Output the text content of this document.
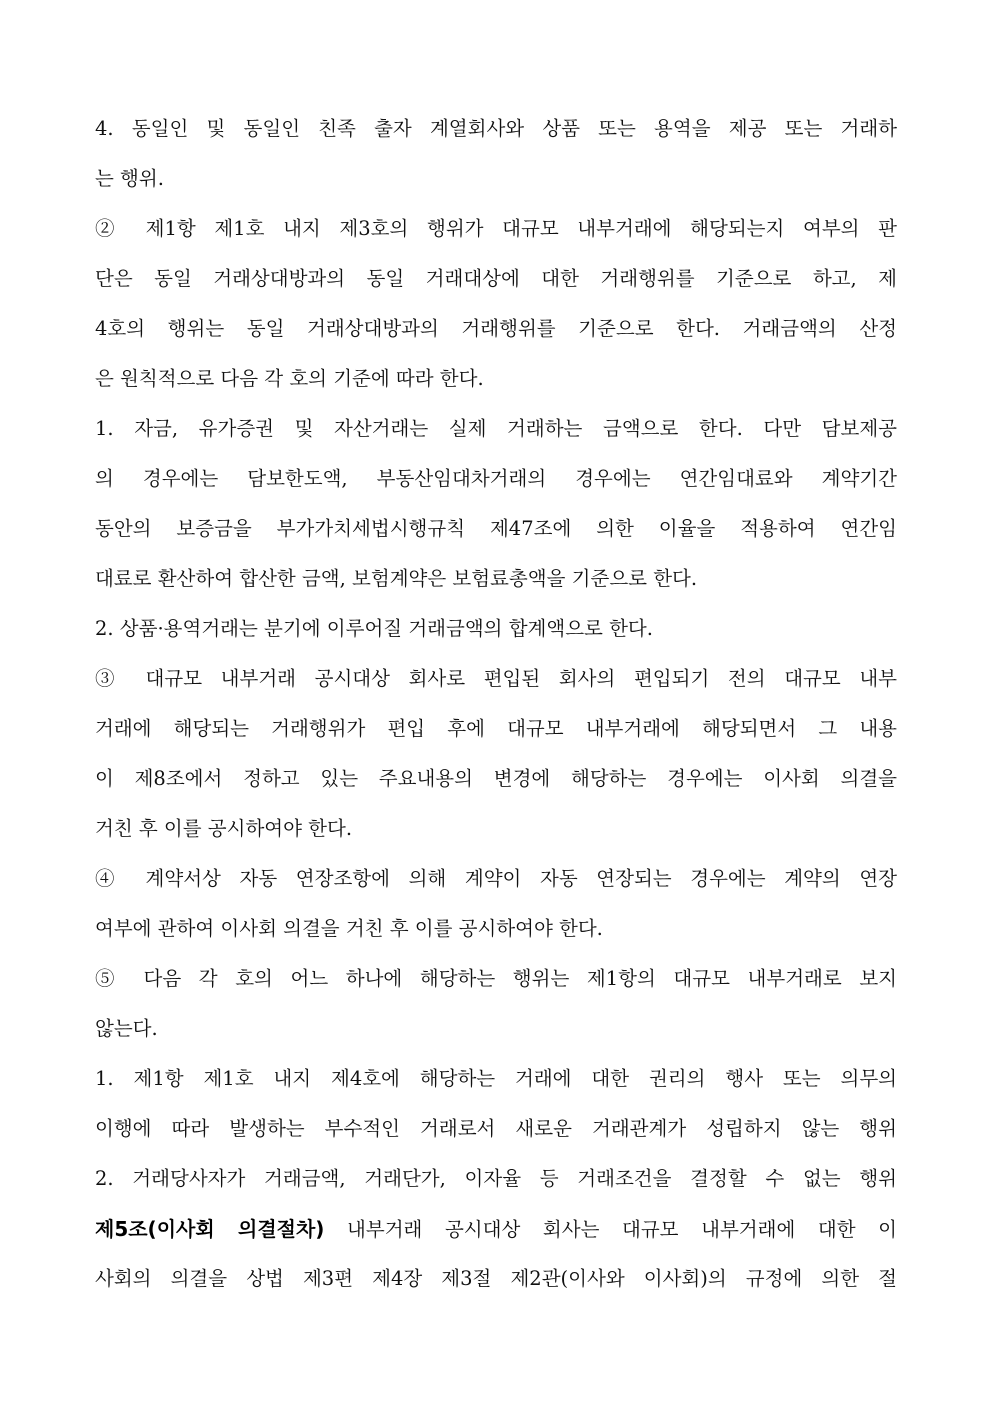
4. 동일인 및 동일인 친족 출자 계열회사와 상품 또는 용역을 제공 또는 거래하
는 행위.
② 제1항 제1호 내지 제3호의 행위가 대규모 내부거래에 해당되는지 여부의 판
단은 동일 거래상대방과의 동일 거래대상에 대한 거래행위를 기준으로 하고, 제
4호의 행위는 동일 거래상대방과의 거래행위를 기준으로 한다. 거래금액의 산정
은 원칙적으로 다음 각 호의 기준에 따라 한다.
1. 자금, 유가증권 및 자산거래는 실제 거래하는 금액으로 한다. 다만 담보제공
의 경우에는 담보한도액, 부동산임대차거래의 경우에는 연간임대료와 계약기간
동안의 보증금을 부가가치세법시행규칙 제47조에 의한 이율을 적용하여 연간임
대료로 환산하여 합산한 금액, 보험계약은 보험료총액을 기준으로 한다.
2. 상품·용역거래는 분기에 이루어질 거래금액의 합계액으로 한다.
③ 대규모 내부거래 공시대상 회사로 편입된 회사의 편입되기 전의 대규모 내부
거래에 해당되는 거래행위가 편입 후에 대규모 내부거래에 해당되면서 그 내용
이 제8조에서 정하고 있는 주요내용의 변경에 해당하는 경우에는 이사회 의결을
거친 후 이를 공시하여야 한다.
④ 계약서상 자동 연장조항에 의해 계약이 자동 연장되는 경우에는 계약의 연장
여부에 관하여 이사회 의결을 거친 후 이를 공시하여야 한다.
⑤ 다음 각 호의 어느 하나에 해당하는 행위는 제1항의 대규모 내부거래로 보지
않는다.
1. 제1항 제1호 내지 제4호에 해당하는 거래에 대한 권리의 행사 또는 의무의
이행에 따라 발생하는 부수적인 거래로서 새로운 거래관계가 성립하지 않는 행위
2. 거래당사자가 거래금액, 거래단가, 이자율 등 거래조건을 결정할 수 없는 행위
제5조(이사회 의결절차) 내부거래 공시대상 회사는 대규모 내부거래에 대한 이
사회의 의결을 상법 제3편 제4장 제3절 제2관(이사와 이사회)의 규정에 의한 절
